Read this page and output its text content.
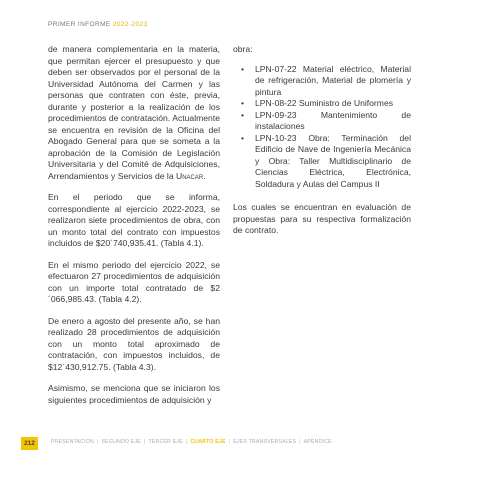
PRIMER INFORME 2022-2023

de manera complementaria en la materia, que permitan ejercer el presupuesto y que deben ser observados por el personal de la Universidad Autónoma del Carmen y las personas que contraten con éste, previa, durante y posterior a la realización de los procedimientos de contratación. Actualmente se encuentra en revisión de la Oficina del Abogado General para que se someta a la aprobación de la Comisión de Legislación Universitaria y del Comité de Adquisiciones, Arrendamientos y Servicios de la Unacar.

En el periodo que se informa, correspondiente al ejercicio 2022-2023, se realizaron siete procedimientos de obra, con un monto total del contrato con impuestos incluidos de $20´740,935.41. (Tabla 4.1).

En el mismo periodo del ejercicio 2022, se efectuaron 27 procedimientos de adquisición con un importe total contratado de $2´066,985.43. (Tabla 4.2).

De enero a agosto del presente año, se han realizado 28 procedimientos de adquisición con un monto total aproximado de contratación, con impuestos incluidos, de $12´430,912.75. (Tabla 4.3).

Asimismo, se menciona que se iniciaron los siguientes procedimientos de adquisición y

obra:

• LPN-07-22 Material eléctrico, Material de refrigeración, Material de plomería y pintura
• LPN-08-22 Suministro de Uniformes
• LPN-09-23 Mantenimiento de instalaciones
• LPN-10-23 Obra: Terminación del Edificio de Nave de Ingeniería Mecánica y Obra: Taller Multidisciplinario de Ciencias Eléctrica, Electrónica, Soldadura y Aulas del Campus II

Los cuales se encuentran en evaluación de propuestas para su respectiva formalización de contrato.

212	PRESENTACIÓN | SEGUNDO EJE | TERCER EJE | CUARTO EJE | EJES TRANSVERSALES | APÉNDICE
